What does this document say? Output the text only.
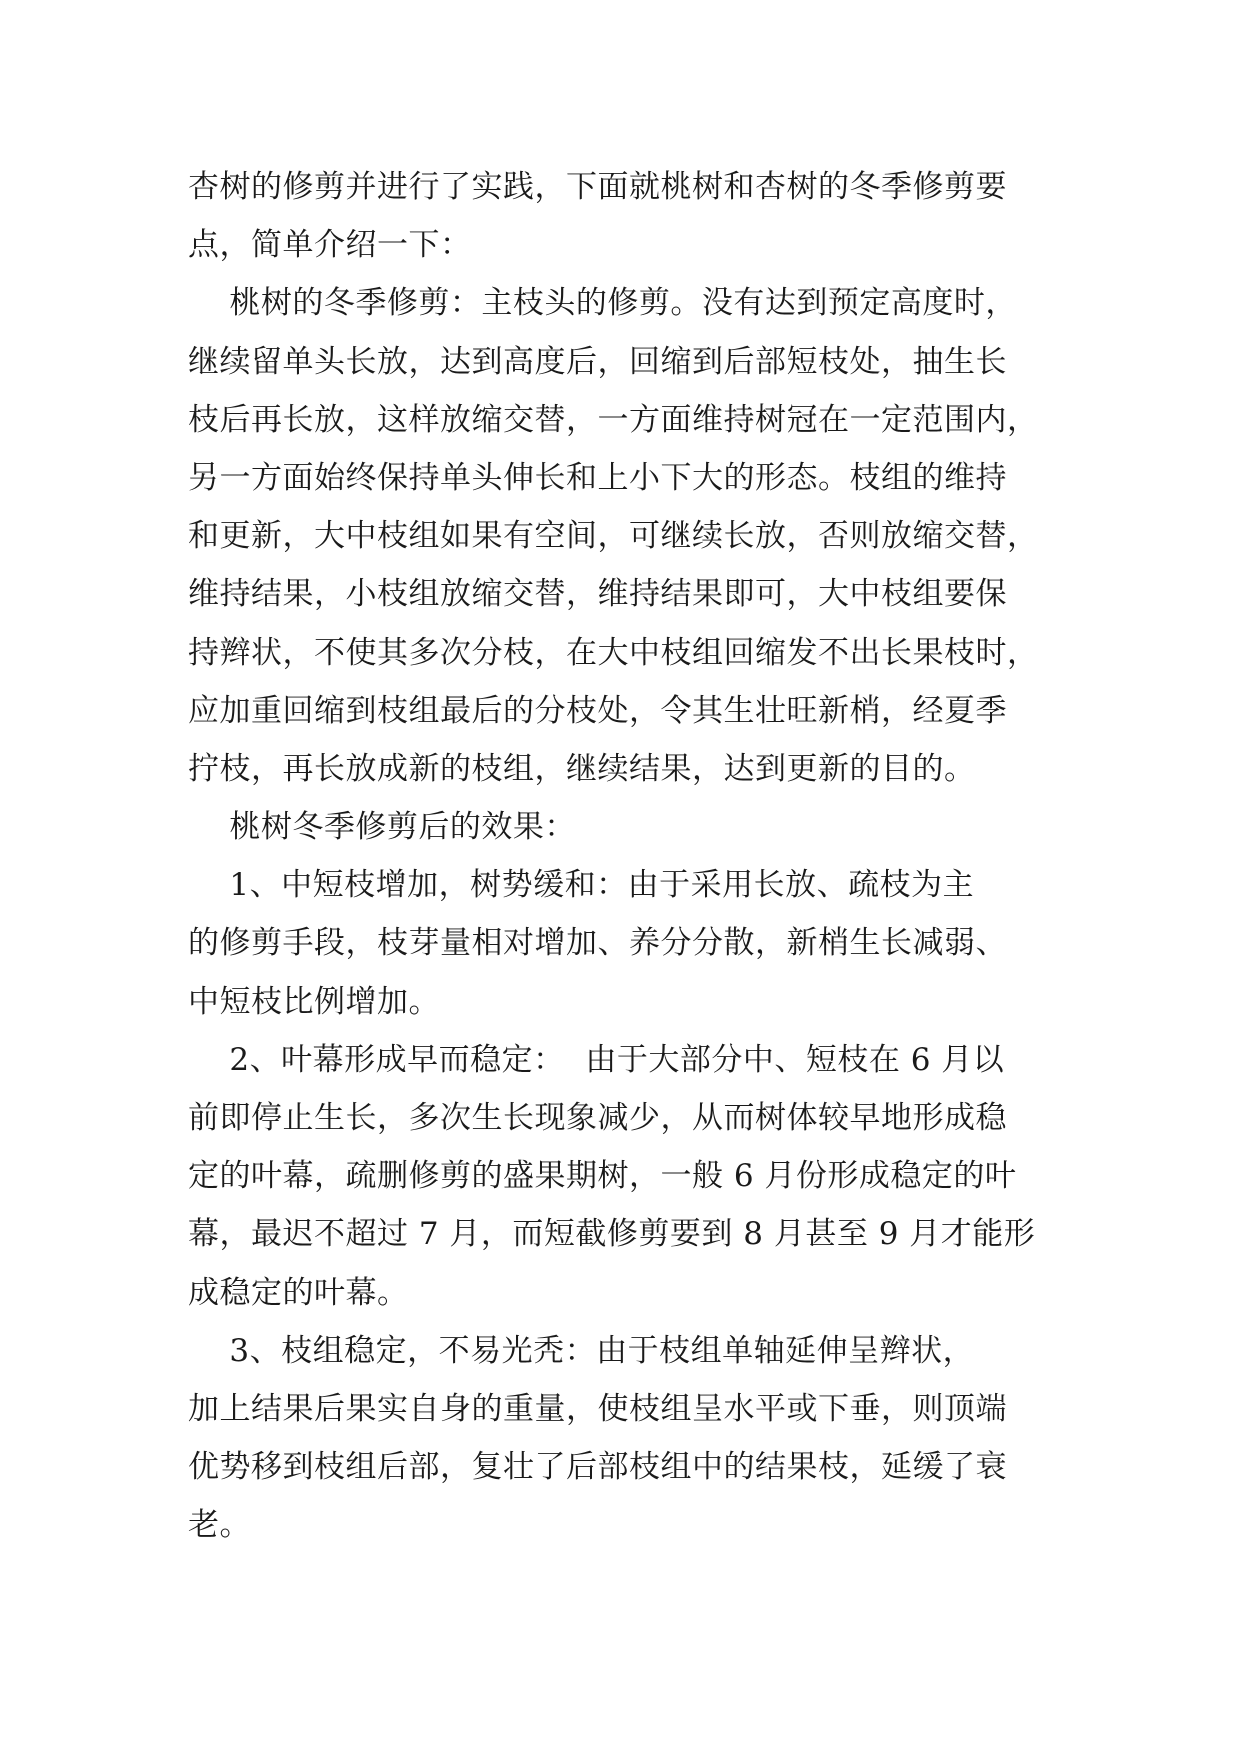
杏树的修剪并进行了实践，下面就桃树和杏树的冬季修剪要
点，简单介绍一下：
桃树的冬季修剪：主枝头的修剪。没有达到预定高度时，
继续留单头长放，达到高度后，回缩到后部短枝处，抽生长
枝后再长放，这样放缩交替，一方面维持树冠在一定范围内，
另一方面始终保持单头伸长和上小下大的形态。枝组的维持
和更新，大中枝组如果有空间，可继续长放，否则放缩交替，
维持结果，小枝组放缩交替，维持结果即可，大中枝组要保
持辫状，不使其多次分枝，在大中枝组回缩发不出长果枝时，
应加重回缩到枝组最后的分枝处，令其生壮旺新梢，经夏季
拧枝，再长放成新的枝组，继续结果，达到更新的目的。
桃树冬季修剪后的效果：
1、中短枝增加，树势缓和：由于采用长放、疏枝为主
的修剪手段，枝芽量相对增加、养分分散，新梢生长减弱、
中短枝比例增加。
2、叶幕形成早而稳定：  由于大部分中、短枝在 6 月以
前即停止生长，多次生长现象减少，从而树体较早地形成稳
定的叶幕，疏删修剪的盛果期树，一般 6 月份形成稳定的叶
幕，最迟不超过 7 月，而短截修剪要到 8 月甚至 9 月才能形
成稳定的叶幕。
3、枝组稳定，不易光秃：由于枝组单轴延伸呈辫状，
加上结果后果实自身的重量，使枝组呈水平或下垂，则顶端
优势移到枝组后部，复壮了后部枝组中的结果枝，延缓了衰
老。
